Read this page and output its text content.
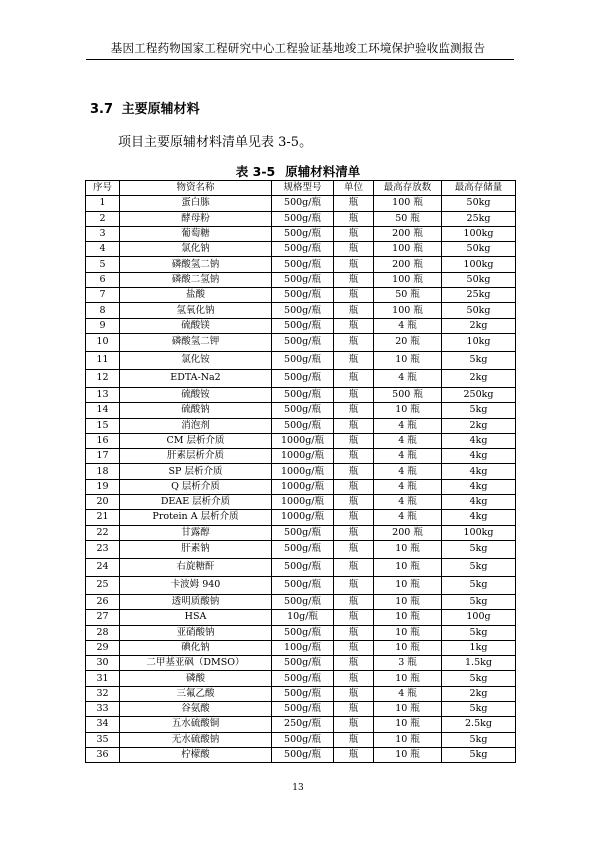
基因工程药物国家工程研究中心工程验证基地竣工环境保护验收监测报告
3.7 主要原辅材料
项目主要原辅材料清单见表 3-5。
表 3-5 原辅材料清单
序号	物资名称	规格型号	单位	最高存放数	最高存储量
1	蛋白胨	500g/瓶	瓶	100 瓶	50kg
2	酵母粉	500g/瓶	瓶	50 瓶	25kg
3	葡萄糖	500g/瓶	瓶	200 瓶	100kg
4	氯化钠	500g/瓶	瓶	100 瓶	50kg
5	磷酸氢二钠	500g/瓶	瓶	200 瓶	100kg
6	磷酸二氢钠	500g/瓶	瓶	100 瓶	50kg
7	盐酸	500g/瓶	瓶	50 瓶	25kg
8	氢氧化钠	500g/瓶	瓶	100 瓶	50kg
9	硫酸镁	500g/瓶	瓶	4 瓶	2kg
10	磷酸氢二钾	500g/瓶	瓶	20 瓶	10kg
11	氯化铵	500g/瓶	瓶	10 瓶	5kg
12	EDTA-Na2	500g/瓶	瓶	4 瓶	2kg
13	硫酸铵	500g/瓶	瓶	500 瓶	250kg
14	硫酸钠	500g/瓶	瓶	10 瓶	5kg
15	消泡剂	500g/瓶	瓶	4 瓶	2kg
16	CM 层析介质	1000g/瓶	瓶	4 瓶	4kg
17	肝素层析介质	1000g/瓶	瓶	4 瓶	4kg
18	SP 层析介质	1000g/瓶	瓶	4 瓶	4kg
19	Q 层析介质	1000g/瓶	瓶	4 瓶	4kg
20	DEAE 层析介质	1000g/瓶	瓶	4 瓶	4kg
21	Protein A 层析介质	1000g/瓶	瓶	4 瓶	4kg
22	甘露醇	500g/瓶	瓶	200 瓶	100kg
23	肝素钠	500g/瓶	瓶	10 瓶	5kg
24	右旋糖酐	500g/瓶	瓶	10 瓶	5kg
25	卡波姆 940	500g/瓶	瓶	10 瓶	5kg
26	透明质酸钠	500g/瓶	瓶	10 瓶	5kg
27	HSA	10g/瓶	瓶	10 瓶	100g
28	亚硝酸钠	500g/瓶	瓶	10 瓶	5kg
29	碘化钠	100g/瓶	瓶	10 瓶	1kg
30	二甲基亚砜（DMSO）	500g/瓶	瓶	3 瓶	1.5kg
31	磷酸	500g/瓶	瓶	10 瓶	5kg
32	三氟乙酸	500g/瓶	瓶	4 瓶	2kg
33	谷氨酸	500g/瓶	瓶	10 瓶	5kg
34	五水硫酸铜	250g/瓶	瓶	10 瓶	2.5kg
35	无水硫酸钠	500g/瓶	瓶	10 瓶	5kg
36	柠檬酸	500g/瓶	瓶	10 瓶	5kg
13
